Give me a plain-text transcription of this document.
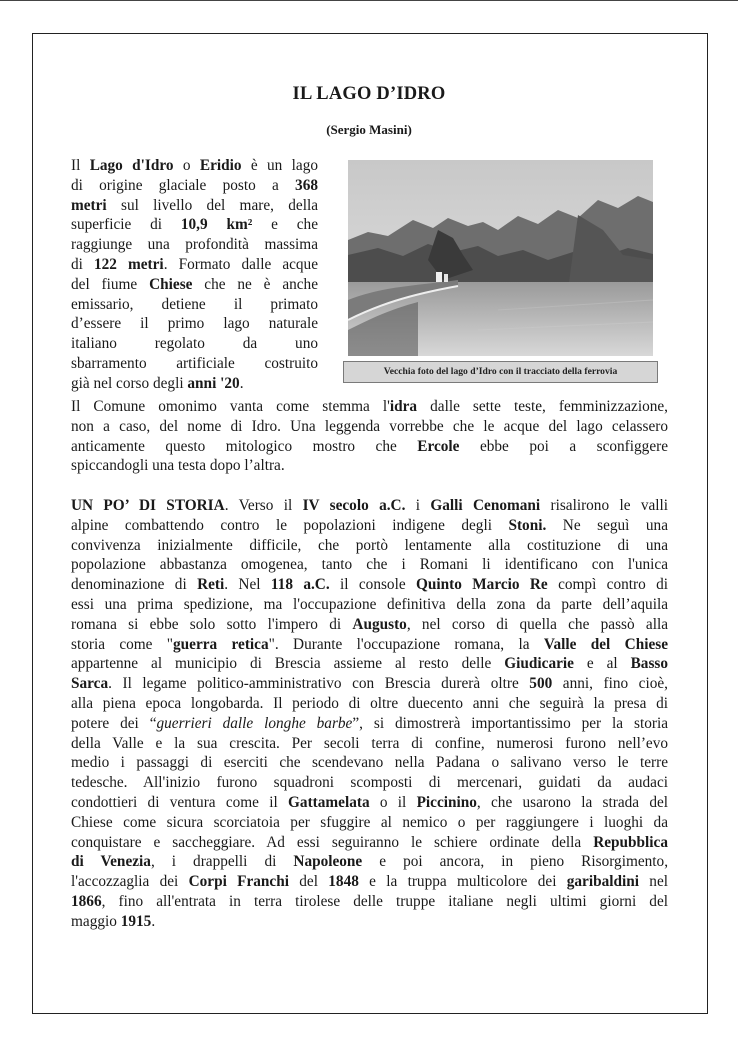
IL LAGO D’IDRO
(Sergio Masini)
Il Lago d'Idro o Eridio è un lago
di origine glaciale posto a 368
metri sul livello del mare, della
superficie di 10,9 km² e che
raggiunge una profondità massima
di 122 metri. Formato dalle acque
del fiume Chiese che ne è anche
emissario, detiene il primato
d’essere il primo lago naturale
italiano regolato da uno
sbarramento artificiale costruito
già nel corso degli anni '20.
Vecchia foto del lago d’Idro con il tracciato della ferrovia
Il Comune omonimo vanta come stemma l'idra dalle sette teste, femminizzazione,
non a caso, del nome di Idro. Una leggenda vorrebbe che le acque del lago celassero
anticamente questo mitologico mostro che Ercole ebbe poi a sconfiggere
spiccandogli una testa dopo l’altra.
UN PO’ DI STORIA. Verso il IV secolo a.C. i Galli Cenomani risalirono le valli
alpine combattendo contro le popolazioni indigene degli Stoni. Ne seguì una
convivenza inizialmente difficile, che portò lentamente alla costituzione di una
popolazione abbastanza omogenea, tanto che i Romani li identificano con l'unica
denominazione di Reti. Nel 118 a.C. il console Quinto Marcio Re compì contro di
essi una prima spedizione, ma l'occupazione definitiva della zona da parte dell’aquila
romana si ebbe solo sotto l'impero di Augusto, nel corso di quella che passò alla
storia come "guerra retica". Durante l'occupazione romana, la Valle del Chiese
appartenne al municipio di Brescia assieme al resto delle Giudicarie e al Basso
Sarca. Il legame politico-amministrativo con Brescia durerà oltre 500 anni, fino cioè,
alla piena epoca longobarda. Il periodo di oltre duecento anni che seguirà la presa di
potere dei “guerrieri dalle longhe barbe”, si dimostrerà importantissimo per la storia
della Valle e la sua crescita. Per secoli terra di confine, numerosi furono nell’evo
medio i passaggi di eserciti che scendevano nella Padana o salivano verso le terre
tedesche. All'inizio furono squadroni scomposti di mercenari, guidati da audaci
condottieri di ventura come il Gattamelata o il Piccinino, che usarono la strada del
Chiese come sicura scorciatoia per sfuggire al nemico o per raggiungere i luoghi da
conquistare e saccheggiare. Ad essi seguiranno le schiere ordinate della Repubblica
di Venezia, i drappelli di Napoleone e poi ancora, in pieno Risorgimento,
l'accozzaglia dei Corpi Franchi del 1848 e la truppa multicolore dei garibaldini nel
1866, fino all'entrata in terra tirolese delle truppe italiane negli ultimi giorni del
maggio 1915.
